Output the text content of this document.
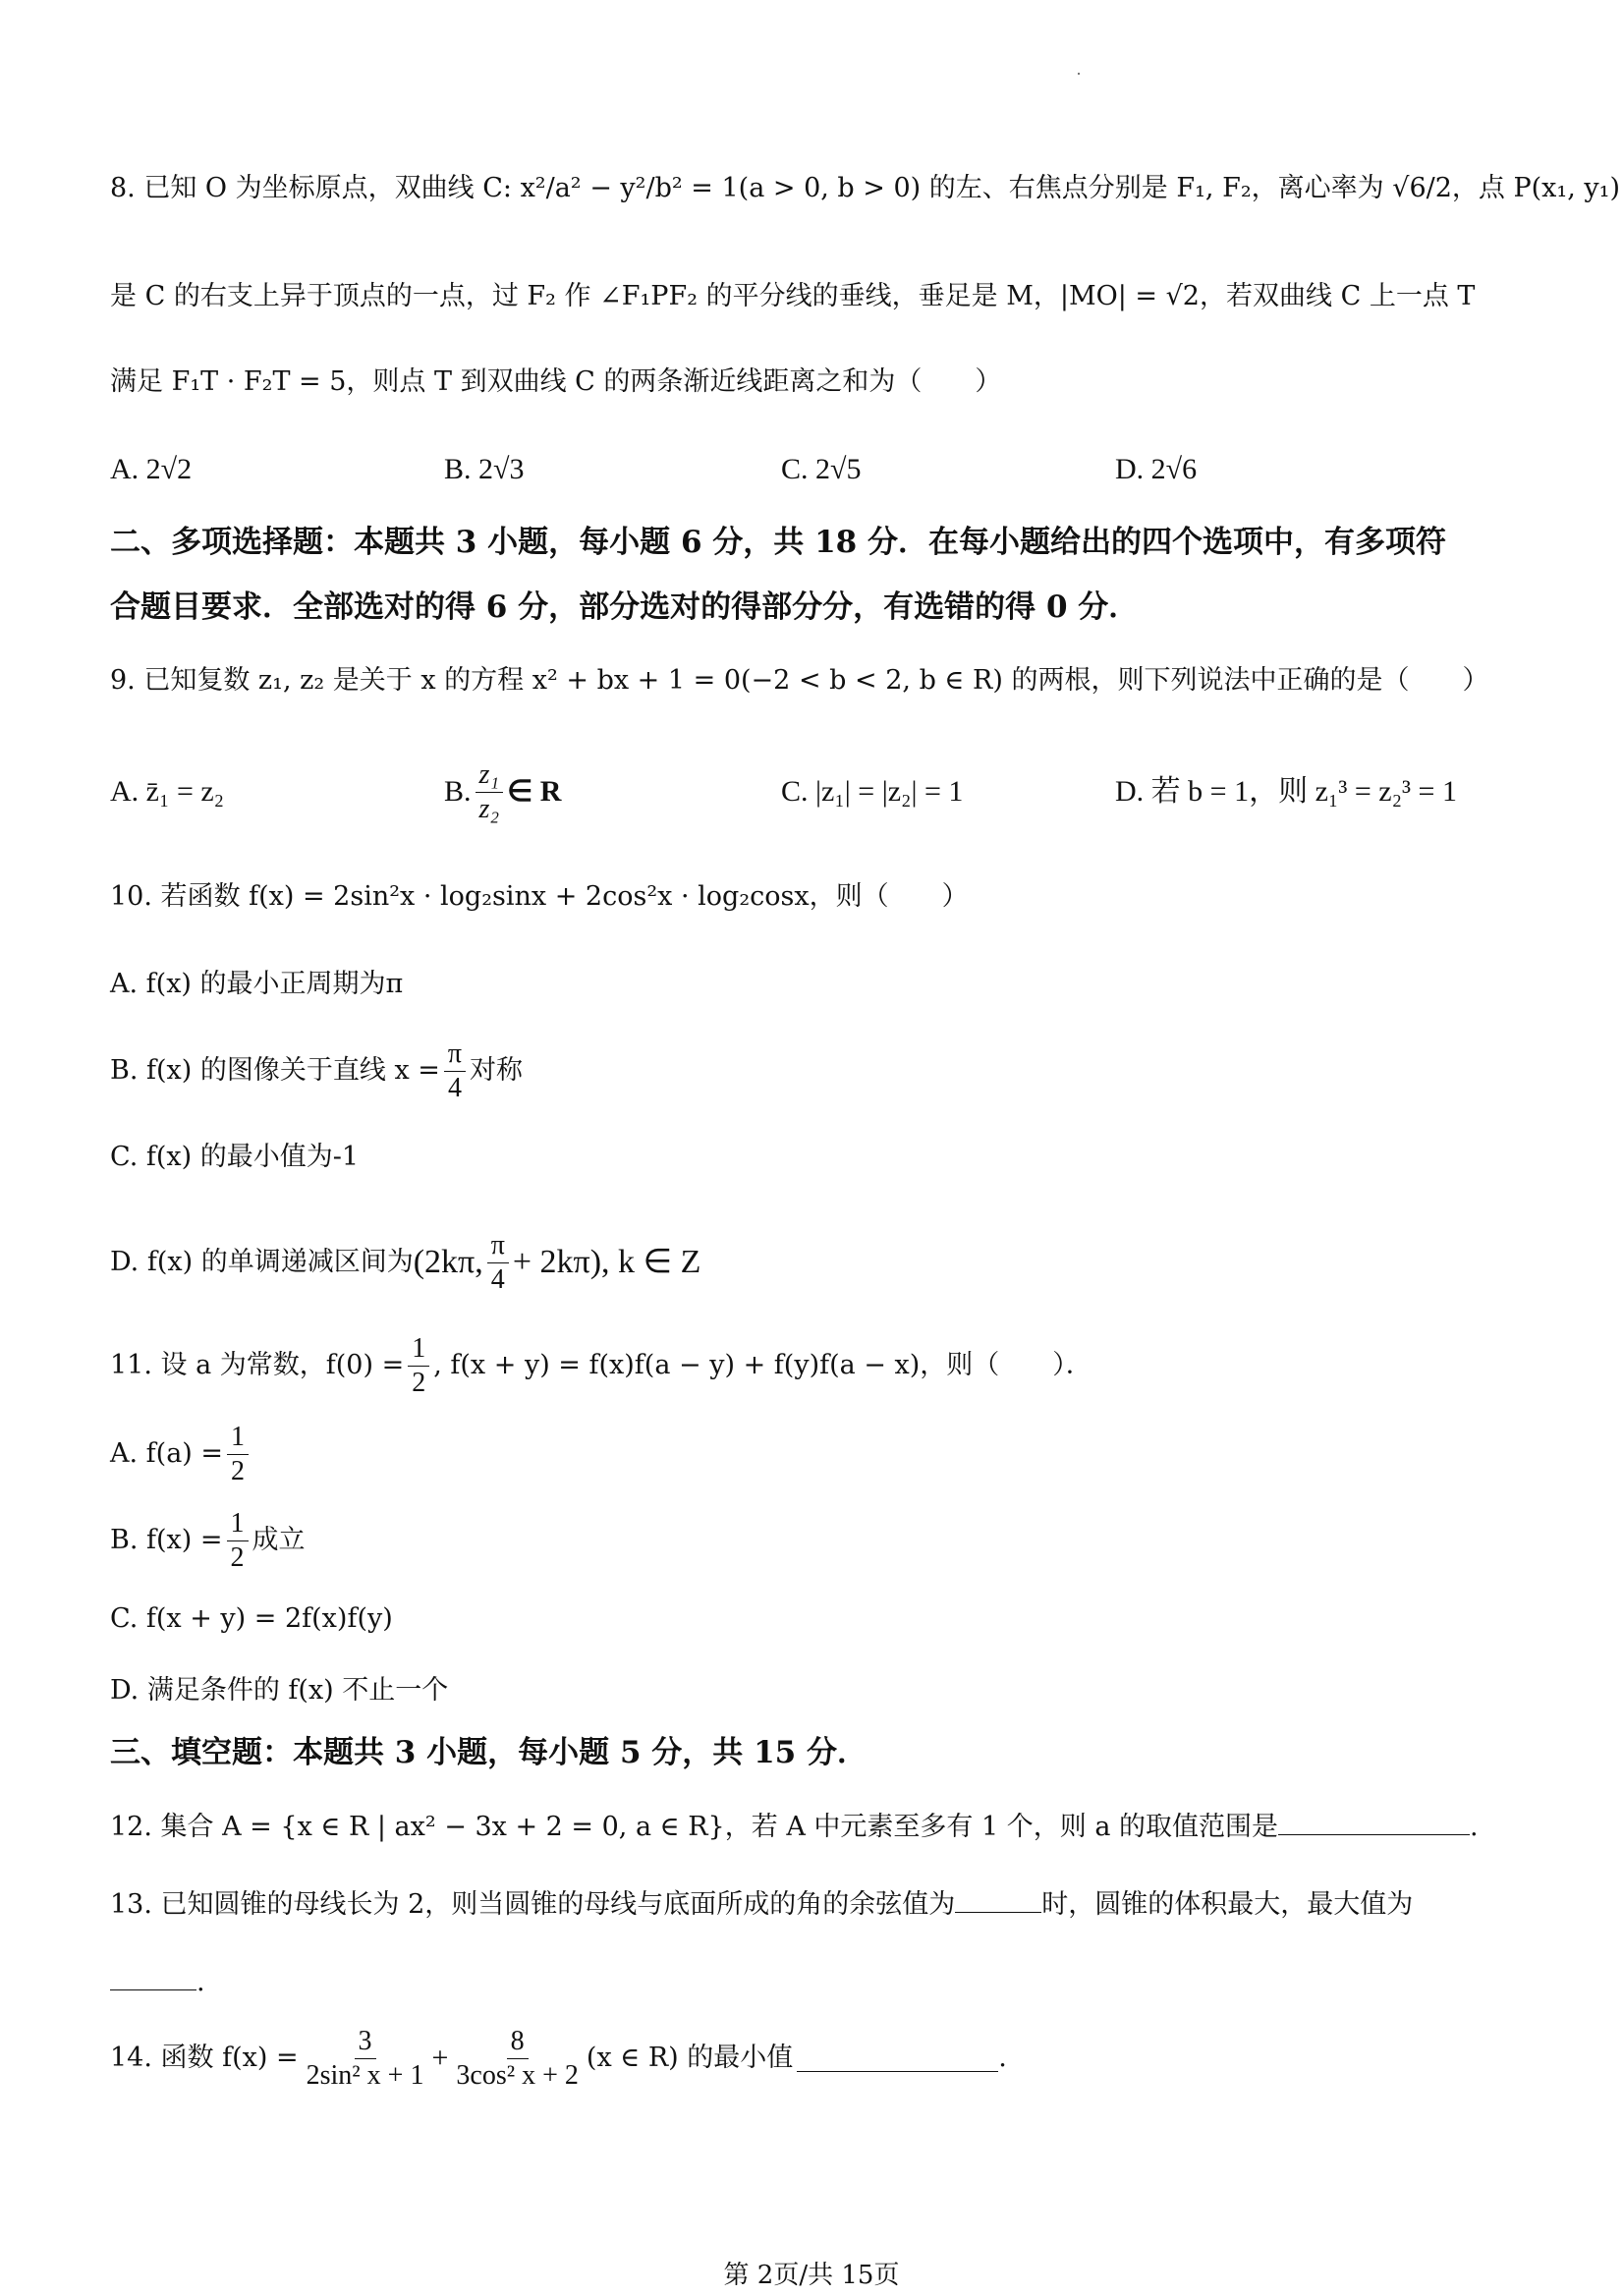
8. 已知 O 为坐标原点，双曲线 C: x²/a² − y²/b² = 1(a > 0, b > 0) 的左、右焦点分别是 F₁, F₂，离心率为 √6/2，点 P(x₁, y₁)
是 C 的右支上异于顶点的一点，过 F₂ 作 ∠F₁PF₂ 的平分线的垂线，垂足是 M，|MO| = √2，若双曲线 C 上一点 T
满足 F₁T · F₂T = 5，则点 T 到双曲线 C 的两条渐近线距离之和为（　　）
A. 2√2	B. 2√3	C. 2√5	D. 2√6
二、多项选择题：本题共 3 小题，每小题 6 分，共 18 分．在每小题给出的四个选项中，有多项符
合题目要求．全部选对的得 6 分，部分选对的得部分分，有选错的得 0 分．
9. 已知复数 z₁, z₂ 是关于 x 的方程 x² + bx + 1 = 0(−2 < b < 2, b ∈ R) 的两根，则下列说法中正确的是（　　）
A. z̄₁ = z₂	B. $\frac{\text{z₁}}{\text{z₂}}$ ∈ R	C. |z₁| = |z₂| = 1	D. 若 b = 1，则 z₁³ = z₂³ = 1
10. 若函数 f(x) = 2sin²x · log₂sinx + 2cos²x · log₂cosx，则（　　）
A. f(x) 的最小正周期为π
B. f(x) 的图像关于直线 $x = \frac{\pi}{4}$ 对称
C. f(x) 的最小值为-1
D. f(x) 的单调递减区间为 (2kπ, $\frac{\pi}{4} + 2k\pi$), k ∈ Z
11. 设 a 为常数，$f(0) = \frac{1}{2}$ , f(x + y) = f(x)f(a − y) + f(y)f(a − x)，则（　　）．
A. $f(a) = \frac{1}{2}$
B. $f(x) = \frac{1}{2}$ 成立
C. f(x + y) = 2f(x)f(y)
D. 满足条件的 f(x) 不止一个
三、填空题：本题共 3 小题，每小题 5 分，共 15 分．
12. 集合 A = {x ∈ R | ax² − 3x + 2 = 0, a ∈ R}，若 A 中元素至多有 1 个，则 a 的取值范围是	.
13. 已知圆锥的母线长为 2，则当圆锥的母线与底面所成的角的余弦值为	时，圆锥的体积最大，最大值为
.
14. 函数 $f(x) = \frac{3}{\text{2sin² x + 1}} + \frac{8}{\text{3cos² x + 2}} (x$ ∈ R) 的最小值	.
第 2页/共 15页
